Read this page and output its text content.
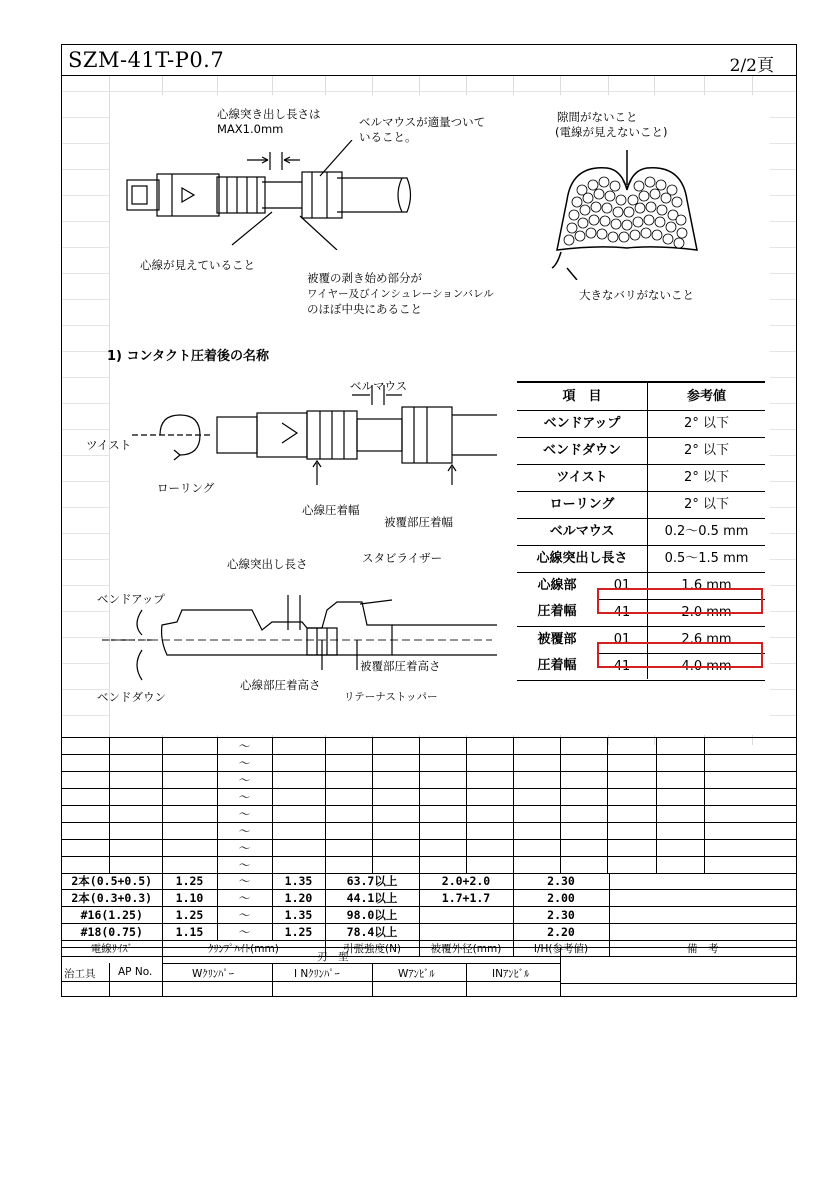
SZM-41T-P0.7	2/2頁
心線突き出し長さは
MAX1.0mm	ベルマウスが適量ついて
いること。
心線が見えていること
被覆の剥き始め部分が
ワイヤー及びインシュレーションバレル
のほぼ中央にあること
隙間がないこと
(電線が見えないこと)
大きなバリがないこと
1) コンタクト圧着後の名称
ベルマウス
ツイスト
ローリング
心線圧着幅
被覆部圧着幅
心線突出し長さ	スタビライザー
ベンドアップ
ベンドダウン
心線部圧着高さ
被覆部圧着高さ
リテーナストッパー
項　目	参考値
ベンドアップ	2° 以下
ベンドダウン	2° 以下
ツイスト	2° 以下
ローリング	2° 以下
ベルマウス	0.2～0.5 mm
心線突出し長さ	0.5～1.5 mm
心線部
圧着幅
01	1.6 mm
41	2.0 mm
被覆部
圧着幅
01	2.6 mm
41	4.0 mm
			～										
			～										
			～										
			～										
			～										
			～										
			～										
			～										
2本(0.5+0.5)	1.25	～	1.35	63.7以上	2.0+2.0	2.30	
2本(0.3+0.3)	1.10	～	1.20	44.1以上	1.7+1.7	2.00	
#16(1.25)	1.25	～	1.35	98.0以上		2.30	
#18(0.75)	1.15	～	1.25	78.4以上		2.20	
電線ｻｲｽﾞ	ｸﾘﾝﾌﾟﾊｲﾄ(mm)			引張強度(N)	被覆外径(mm)	I/H(参考値)	備　考
刃　型
治工具 AP No.	Wｸﾘﾝﾊﾟｰ	I Nｸﾘﾝﾊﾟｰ	Wｱﾝﾋﾞﾙ	INｱﾝﾋﾞﾙ
